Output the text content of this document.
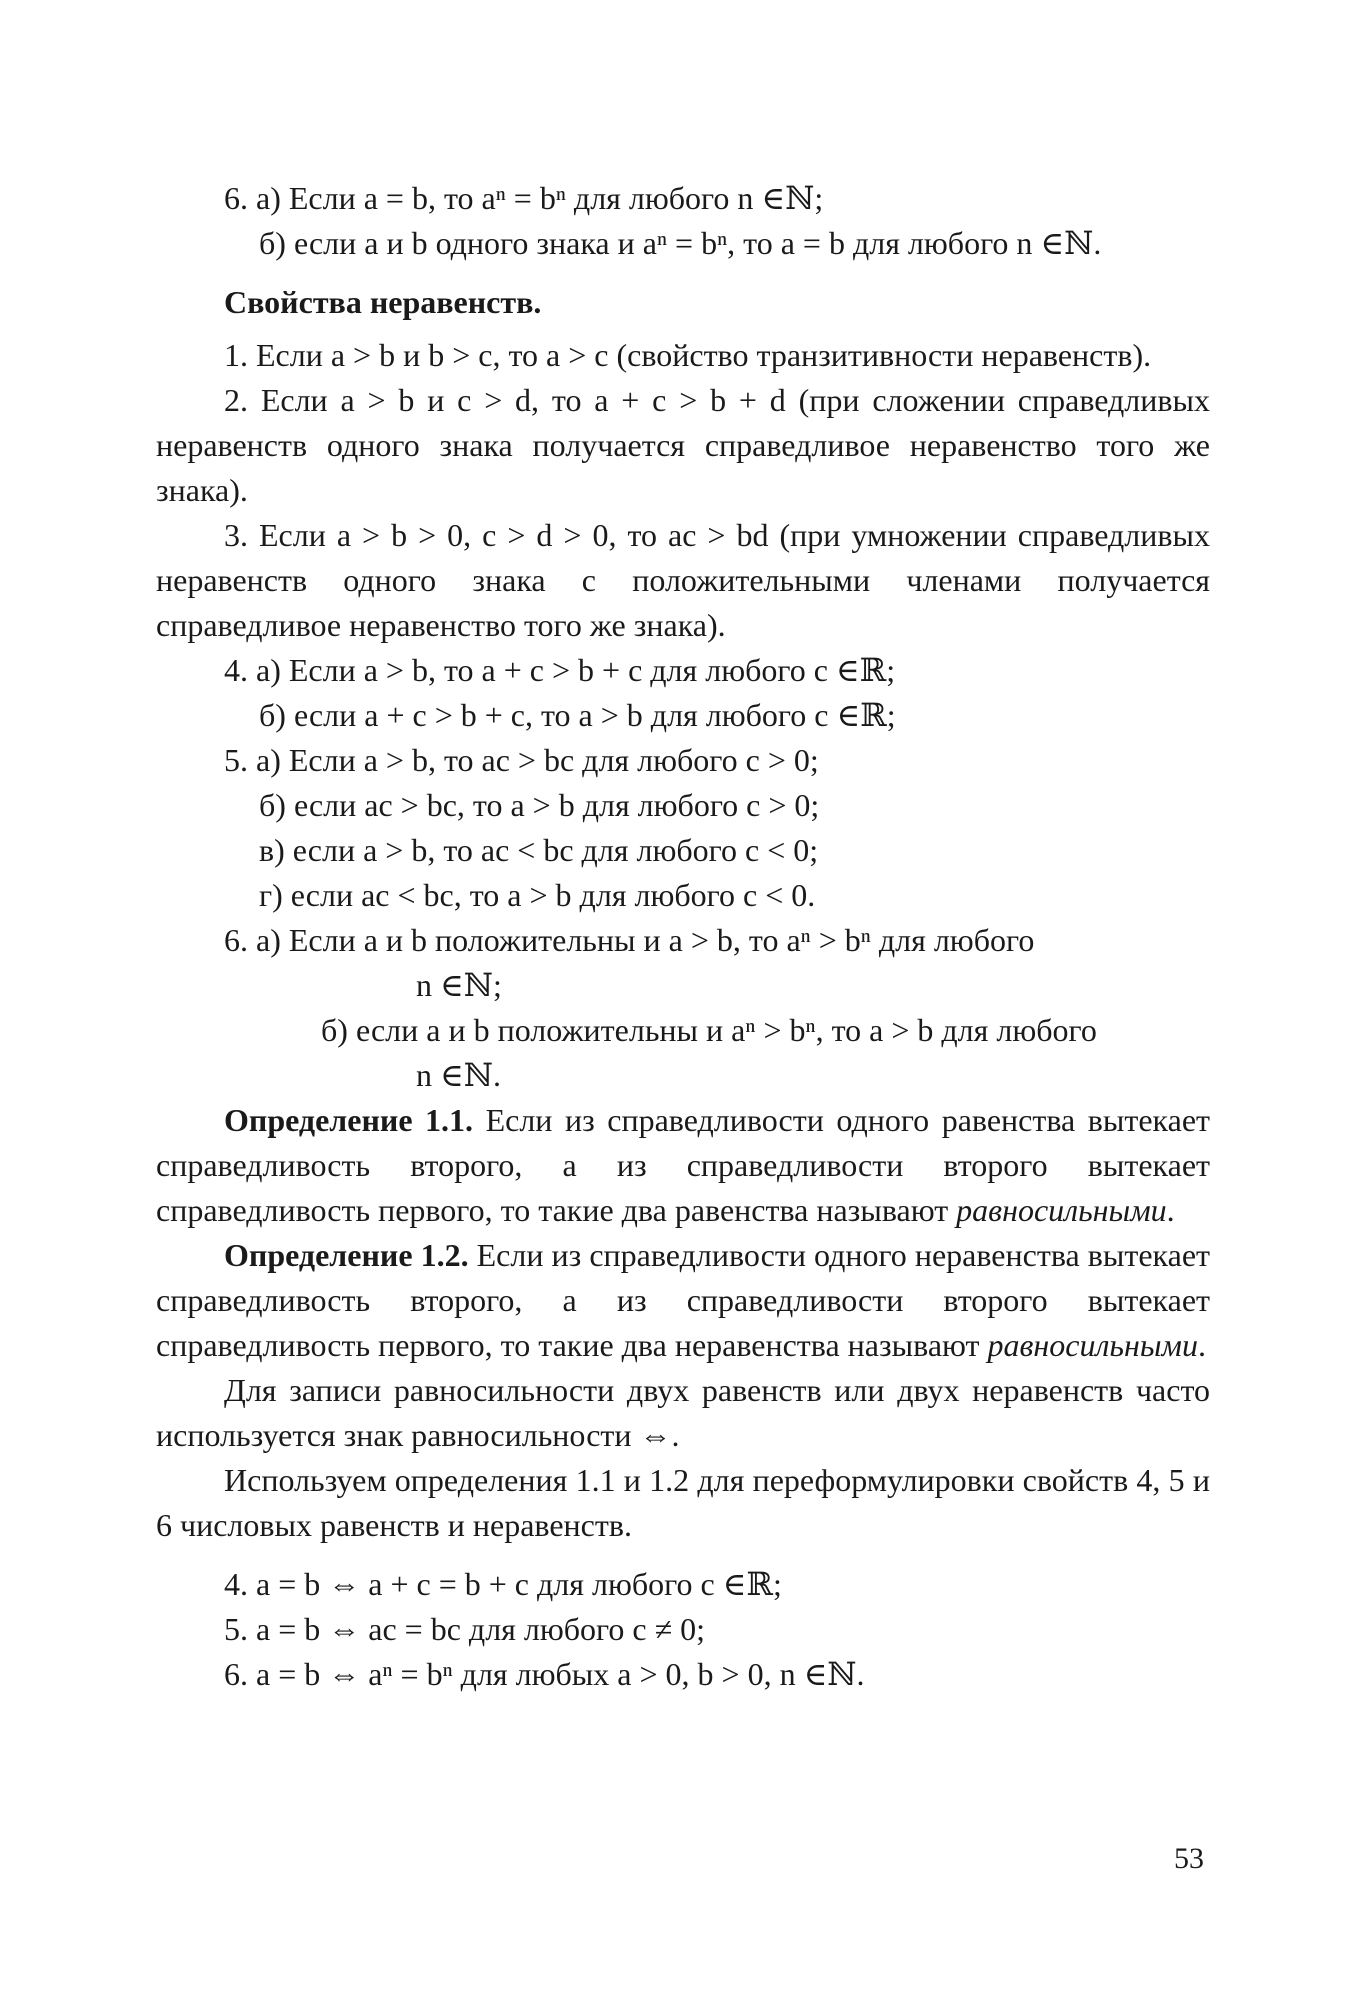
6. а) Если a = b, то aⁿ = bⁿ для любого n ∈ℕ;

б) если a и b одного знака и aⁿ = bⁿ, то a = b для любого n ∈ℕ.

Свойства неравенств.

1. Если a > b и b > c, то a > c (свойство транзитивности неравенств).

2. Если a > b и c > d, то a + c > b + d (при сложении справедливых неравенств одного знака получается справедливое неравенство того же знака).

3. Если a > b > 0, c > d > 0, то ac > bd (при умножении справедливых неравенств одного знака с положительными членами получается справедливое неравенство того же знака).

4. а) Если a > b, то a + c > b + c для любого c ∈ℝ;

б) если a + c > b + c, то a > b для любого c ∈ℝ;

5. а) Если a > b, то ac > bc для любого c > 0;

б) если ac > bc, то a > b для любого c > 0;

в) если a > b, то ac < bc для любого c < 0;

г) если ac < bc, то a > b для любого c < 0.

6. а) Если a и b положительны и a > b, то aⁿ > bⁿ для любого

n ∈ℕ;

б) если a и b положительны и aⁿ > bⁿ, то a > b для любого

n ∈ℕ.

Определение 1.1. Если из справедливости одного равенства вытекает справедливость второго, а из справедливости второго вытекает справедливость первого, то такие два равенства называют равносильными.

Определение 1.2. Если из справедливости одного неравенства вытекает справедливость второго, а из справедливости второго вытекает справедливость первого, то такие два неравенства называют равносильными.

Для записи равносильности двух равенств или двух неравенств часто используется знак равносильности ⇔.

Используем определения 1.1 и 1.2 для переформулировки свойств 4, 5 и 6 числовых равенств и неравенств.

4. a = b ⇔ a + c = b + c для любого c ∈ℝ;

5. a = b ⇔ ac = bc для любого c ≠ 0;

6. a = b ⇔ aⁿ = bⁿ для любых a > 0, b > 0, n ∈ℕ.

53
